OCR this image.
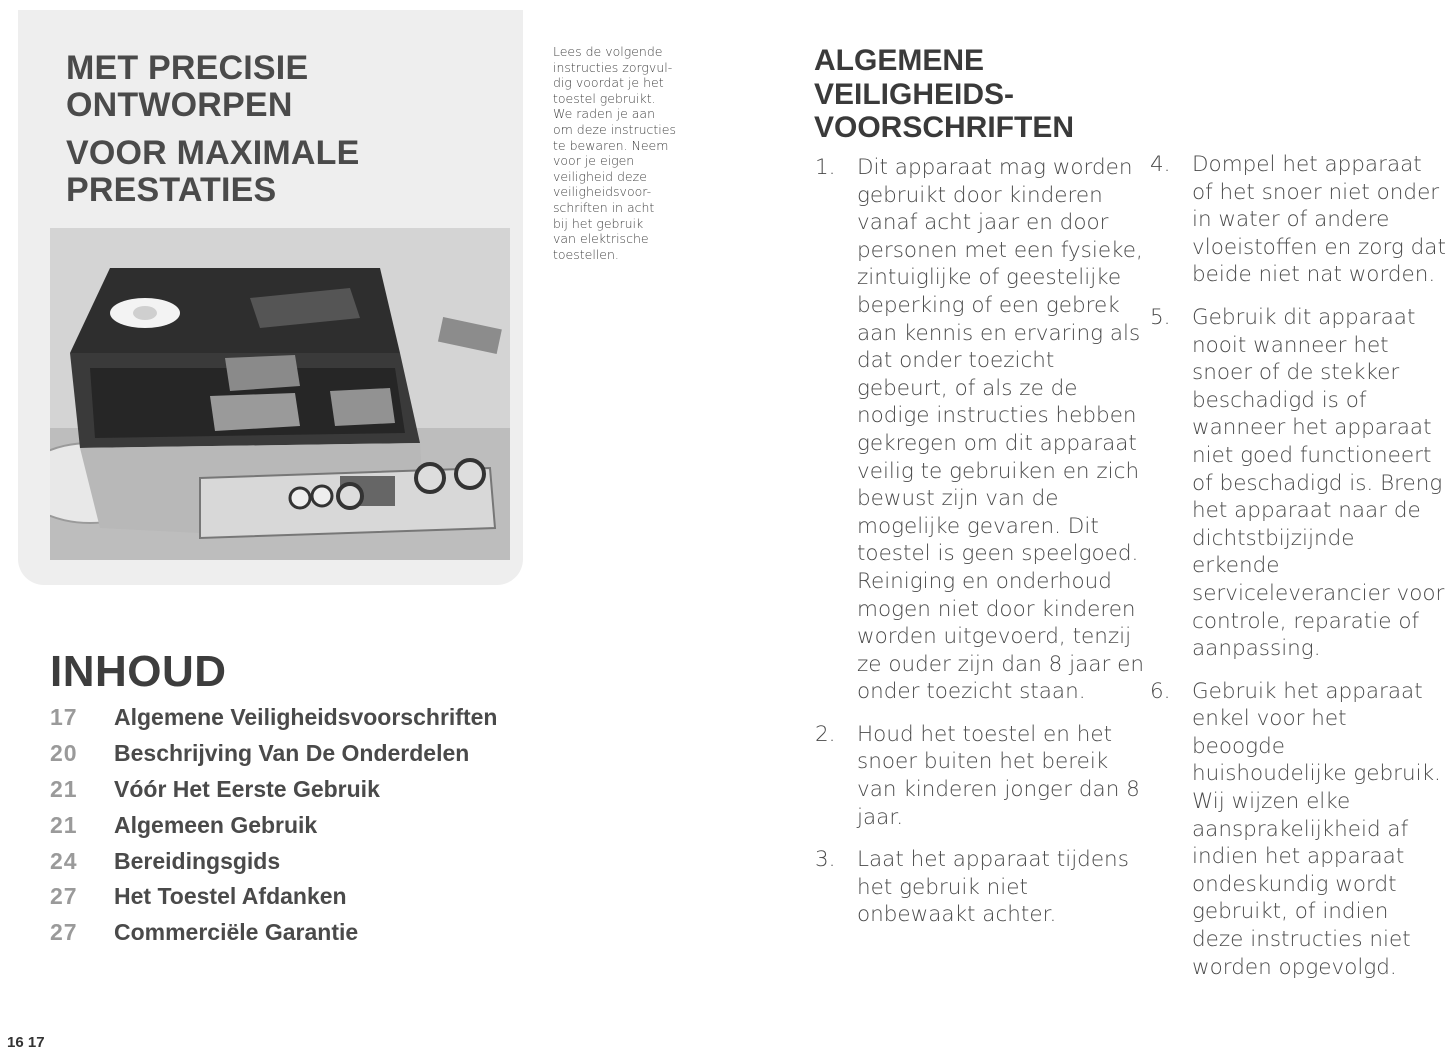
MET PRECISIE
ONTWORPEN
VOOR MAXIMALE
PRESTATIES

Lees de volgende
instructies zorgvul-
dig voordat je het
toestel gebruikt.
We raden je aan
om deze instructies
te bewaren. Neem
voor je eigen
veiligheid deze
veiligheidsvoor-
schriften in acht
bij het gebruik
van elektrische
toestellen.

INHOUD
17	Algemene Veiligheidsvoorschriften
20	Beschrijving Van De Onderdelen
21	Vóór Het Eerste Gebruik
21	Algemeen Gebruik
24	Bereidingsgids
27	Het Toestel Afdanken
27	Commerciële Garantie

16 17

ALGEMENE
VEILIGHEIDS-
VOORSCHRIFTEN
1. Dit apparaat mag worden gebruikt door kinderen vanaf acht jaar en door personen met een fysieke, zintuiglijke of geestelijke beperking of een gebrek aan kennis en ervaring als dat onder toezicht gebeurt, of als ze de nodige instructies hebben gekregen om dit apparaat veilig te gebruiken en zich bewust zijn van de mogelijke gevaren. Dit toestel is geen speelgoed. Reiniging en onderhoud mogen niet door kinderen worden uitgevoerd, tenzij ze ouder zijn dan 8 jaar en onder toezicht staan.
2. Houd het toestel en het snoer buiten het bereik van kinderen jonger dan 8 jaar.
3. Laat het apparaat tijdens het gebruik niet onbewaakt achter.
4. Dompel het apparaat of het snoer niet onder in water of andere vloeistoffen en zorg dat beide niet nat worden.
5. Gebruik dit apparaat nooit wanneer het snoer of de stekker beschadigd is of wanneer het apparaat niet goed functioneert of beschadigd is. Breng het apparaat naar de dichtstbijzijnde erkende serviceleverancier voor controle, reparatie of aanpassing.
6. Gebruik het apparaat enkel voor het beoogde huishoudelijke gebruik. Wij wijzen elke aansprakelijkheid af indien het apparaat ondeskundig wordt gebruikt, of indien deze instructies niet worden opgevolgd.
